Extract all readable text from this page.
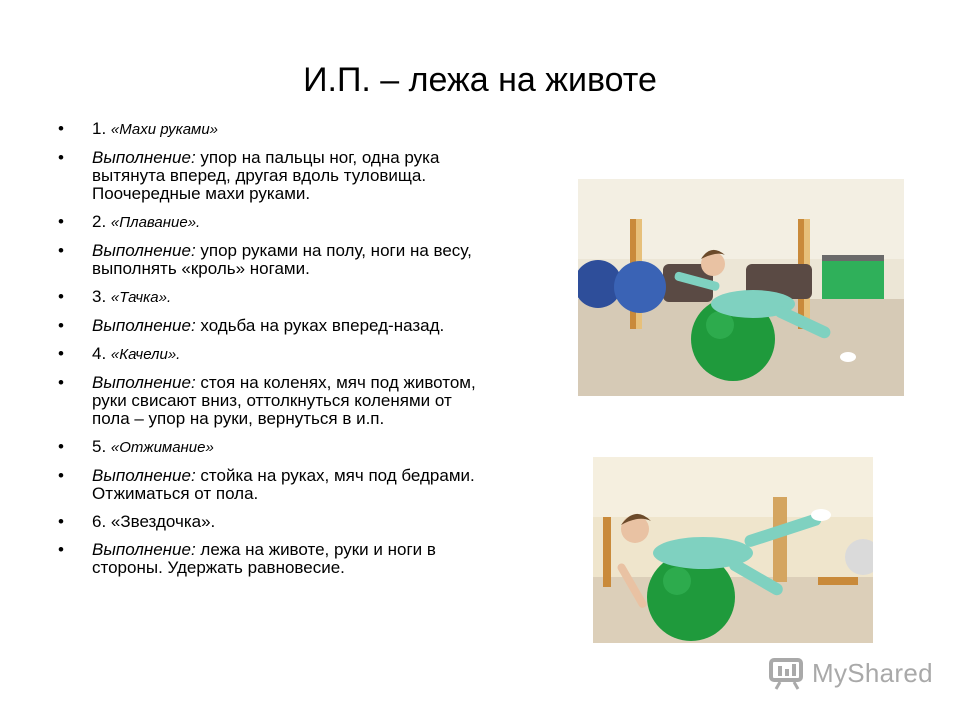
И.П. – лежа на животе
• 1. «Махи руками»
• Выполнение: упор на пальцы ног, одна рука вытянута вперед, другая вдоль туловища. Поочередные махи руками.
• 2. «Плавание».
• Выполнение: упор руками на полу, ноги на весу, выполнять «кроль» ногами.
• 3. «Тачка».
• Выполнение: ходьба на руках вперед-назад.
• 4. «Качели».
• Выполнение: стоя на коленях, мяч под животом, руки свисают вниз, оттолкнуться коленями от пола – упор на руки, вернуться в и.п.
• 5. «Отжимание»
• Выполнение: стойка на руках, мяч под бедрами. Отжиматься от пола.
• 6. «Звездочка».
• Выполнение: лежа на животе, руки и ноги в стороны. Удержать равновесие.
MyShared
